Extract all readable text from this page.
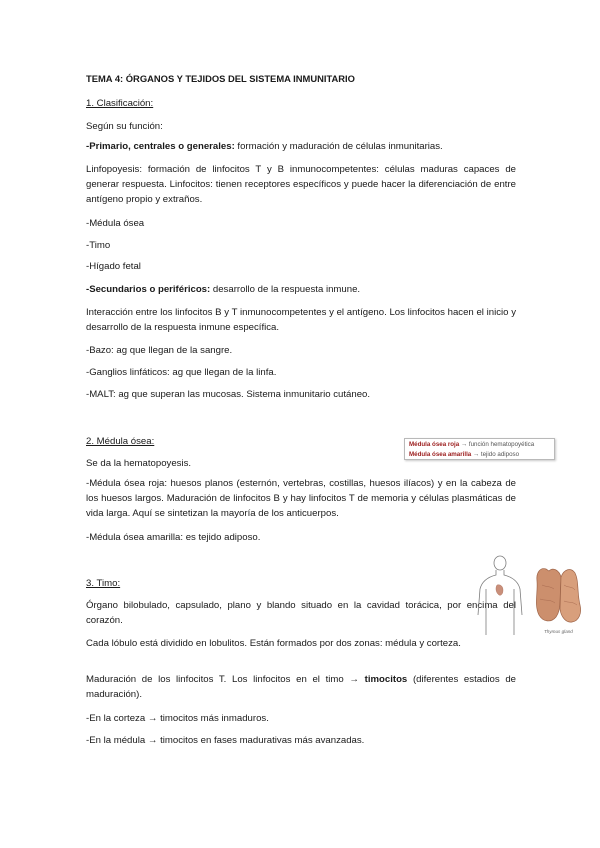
TEMA 4: ÓRGANOS Y TEJIDOS DEL SISTEMA INMUNITARIO

1. Clasificación:

Según su función:

-Primario, centrales o generales: formación y maduración de células inmunitarias.

Linfopoyesis: formación de linfocitos T y B inmunocompetentes: células maduras capaces de generar respuesta. Linfocitos: tienen receptores específicos y puede hacer la diferenciación de entre antígeno propio y extraños.

-Médula ósea

-Timo

-Hígado fetal

-Secundarios o periféricos: desarrollo de la respuesta inmune.

Interacción entre los linfocitos B y T inmunocompetentes y el antígeno. Los linfocitos hacen el inicio y desarrollo de la respuesta inmune específica.

-Bazo: ag que llegan de la sangre.

-Ganglios linfáticos: ag que llegan de la linfa.

-MALT: ag que superan las mucosas. Sistema inmunitario cutáneo.

2. Médula ósea:	Médula ósea roja → función hematopoyética
Médula ósea amarilla → tejido adiposo

Se da la hematopoyesis.

-Médula ósea roja: huesos planos (esternón, vertebras, costillas, huesos ilíacos) y en la cabeza de los huesos largos. Maduración de linfocitos B y hay linfocitos T de memoria y células plasmáticas de vida larga. Aquí se sintetizan la mayoría de los anticuerpos.

-Médula ósea amarilla: es tejido adiposo.

3. Timo:

Órgano bilobulado, capsulado, plano y blando situado en la cavidad torácica, por encima del corazón.

Cada lóbulo está dividido en lobulitos. Están formados por dos zonas: médula y corteza.

Maduración de los linfocitos T. Los linfocitos en el timo → timocitos (diferentes estadios de maduración).

-En la corteza → timocitos más inmaduros.

-En la médula → timocitos en fases madurativas más avanzadas.

Thymus gland
